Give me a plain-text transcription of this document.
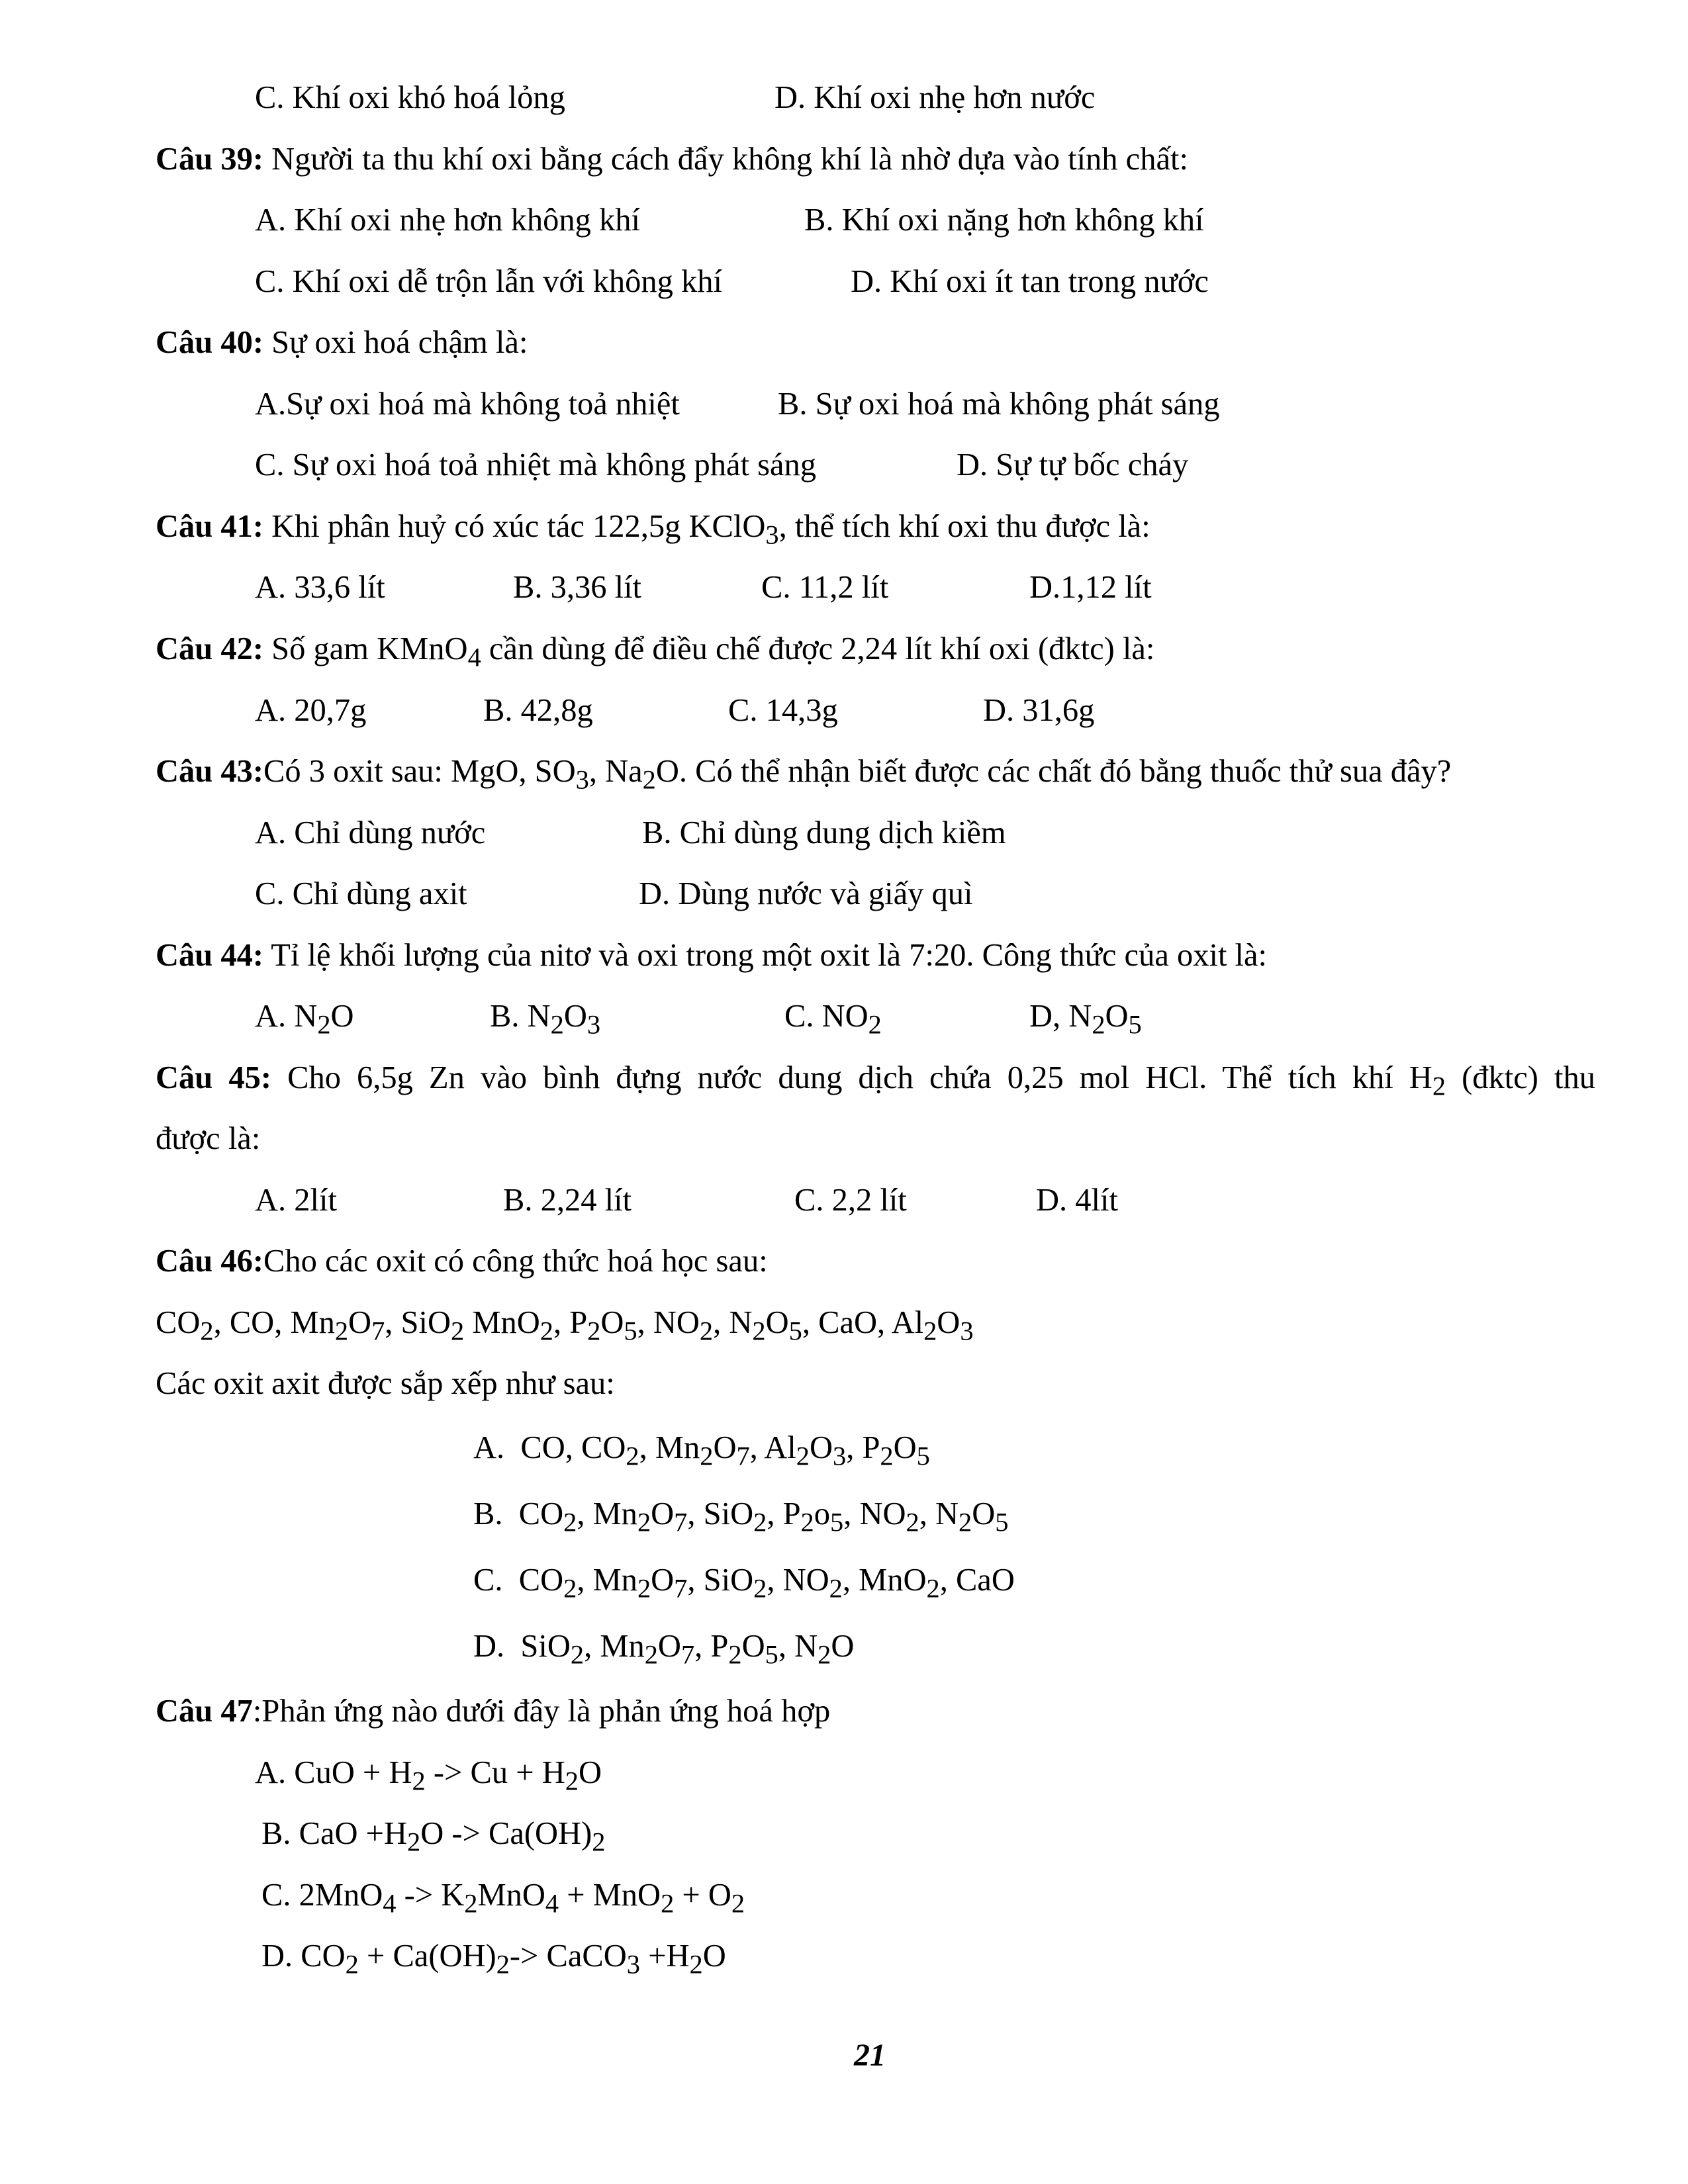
C. Khí oxi khó hoá lỏng	D. Khí oxi nhẹ hơn nước
Câu 39: Người ta thu khí oxi bằng cách đẩy không khí là nhờ dựa vào tính chất:
A. Khí oxi nhẹ hơn không khí	B. Khí oxi nặng hơn không khí
C. Khí oxi dễ trộn lẫn với không khí	D. Khí oxi ít tan trong nước
Câu 40: Sự oxi hoá chậm là:
A.Sự oxi hoá mà không toả nhiệt	B. Sự oxi hoá mà không phát sáng
C. Sự oxi hoá toả nhiệt mà không phát sáng	D. Sự tự bốc cháy
Câu 41: Khi phân huỷ có xúc tác 122,5g KClO$_3$, thể tích khí oxi thu được là:
A. 33,6 lít	B. 3,36 lít	C. 11,2 lít	D.1,12 lít
Câu 42: Số gam KMnO$_4$ cần dùng để điều chế được 2,24 lít khí oxi (đktc) là:
A. 20,7g	B. 42,8g	C. 14,3g	D. 31,6g
Câu 43:Có 3 oxit sau: MgO, $SO_3$, $Na_2O$. Có thể nhận biết được các chất đó bằng thuốc thử sua đây?
A. Chỉ dùng nước	B. Chỉ dùng dung dịch kiềm
C. Chỉ dùng axit	D. Dùng nước và giấy quì
Câu 44: Tỉ lệ khối lượng của nitơ và oxi trong một oxit là 7:20. Công thức của oxit là:
A. $N_2O$	B. $N_2O_3$	C. $NO_2$	D, $N_2O_5$
Câu 45: Cho 6,5g Zn vào bình đựng nước dung dịch chứa 0,25 mol HCl. Thể tích khí $H_2$ (đktc) thu
được là:
A. 2lít	B. 2,24 lít	C. 2,2 lít	D. 4lít
Câu 46:Cho các oxit có công thức hoá học sau:
$CO_2$, CO, $Mn_2O_7$, SiO$_2$ MnO$_2$, $P_2O_5$, $NO_2$, $N_2O_5$, CaO, $Al_2O_3$
Các oxit axit được sắp xếp như sau:
A. CO, $CO_2$, $Mn_2O_7$, $Al_2O_3$, $P_2O_5$
B. $CO_2$, $Mn_2O_7$, SiO$_2$, $P_2o_5$, $NO_2$, $N_2O_5$
C. $CO_2$, $Mn_2O_7$, SiO$_2$, $NO_2$, MnO$_2$, CaO
D. SiO$_2$, $Mn_2O_7$, $P_2O_5$, $N_2O$
Câu 47:Phản ứng nào dưới đây là phản ứng hoá hợp
A. CuO + $H_2 -> Cu + H_2O$
B. CaO $+H_2O -> Ca(OH)_2$
C. $2MnO_4 -> K_2MnO_4 + MnO_2 + O_2$
D. $CO_2 + Ca(OH)_2->$ CaCO$_3$ $+H_2O$
21
